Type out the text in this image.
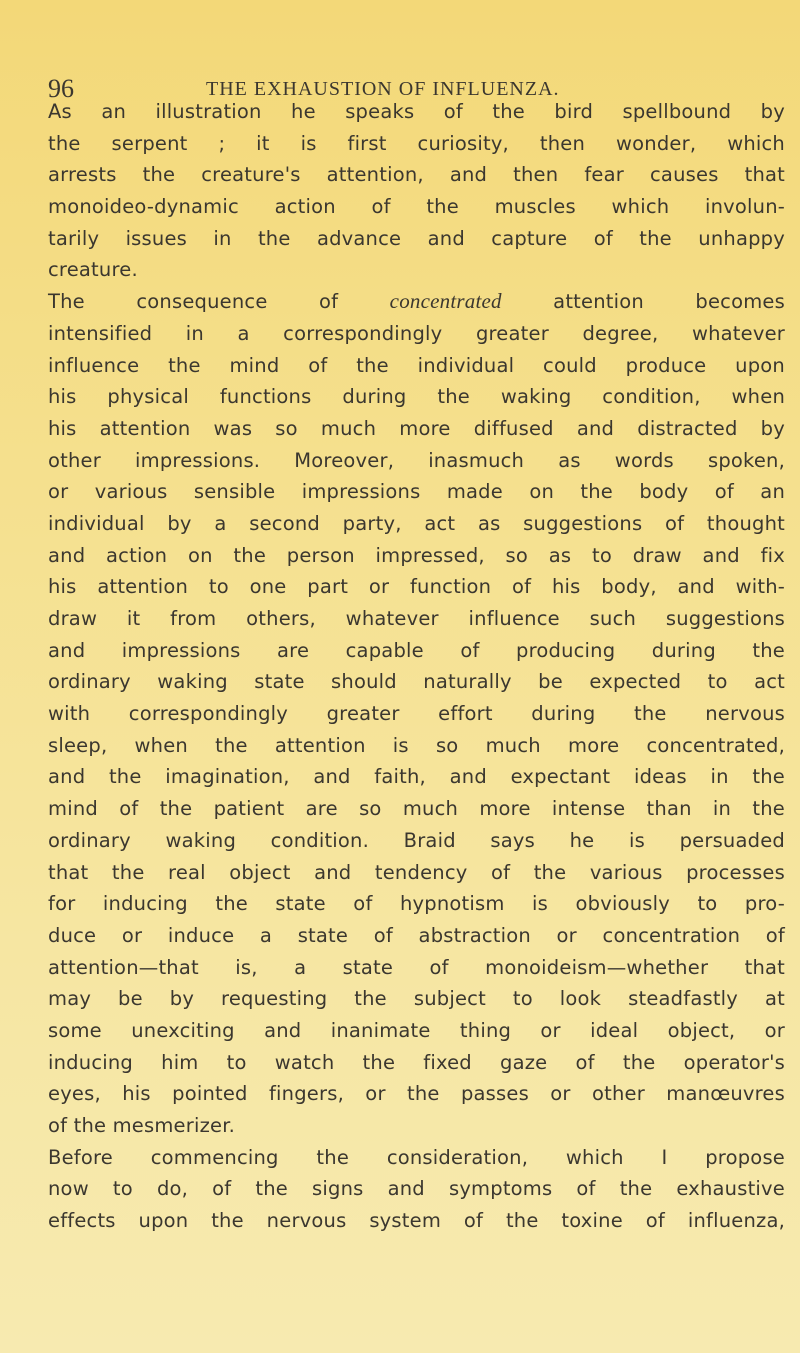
96	THE EXHAUSTION OF INFLUENZA.
As an illustration he speaks of the bird spellbound by
the serpent ; it is first curiosity, then wonder, which
arrests the creature's attention, and then fear causes that
monoideo-dynamic action of the muscles which involun-
tarily issues in the advance and capture of the unhappy
creature.
The consequence of concentrated attention becomes
intensified in a correspondingly greater degree, whatever
influence the mind of the individual could produce upon
his physical functions during the waking condition, when
his attention was so much more diffused and distracted by
other impressions. Moreover, inasmuch as words spoken,
or various sensible impressions made on the body of an
individual by a second party, act as suggestions of thought
and action on the person impressed, so as to draw and fix
his attention to one part or function of his body, and with-
draw it from others, whatever influence such suggestions
and impressions are capable of producing during the
ordinary waking state should naturally be expected to act
with correspondingly greater effort during the nervous
sleep, when the attention is so much more concentrated,
and the imagination, and faith, and expectant ideas in the
mind of the patient are so much more intense than in the
ordinary waking condition. Braid says he is persuaded
that the real object and tendency of the various processes
for inducing the state of hypnotism is obviously to pro-
duce or induce a state of abstraction or concentration of
attention—that is, a state of monoideism—whether that
may be by requesting the subject to look steadfastly at
some unexciting and inanimate thing or ideal object, or
inducing him to watch the fixed gaze of the operator's
eyes, his pointed fingers, or the passes or other manœuvres
of the mesmerizer.
Before commencing the consideration, which I propose
now to do, of the signs and symptoms of the exhaustive
effects upon the nervous system of the toxine of influenza,
